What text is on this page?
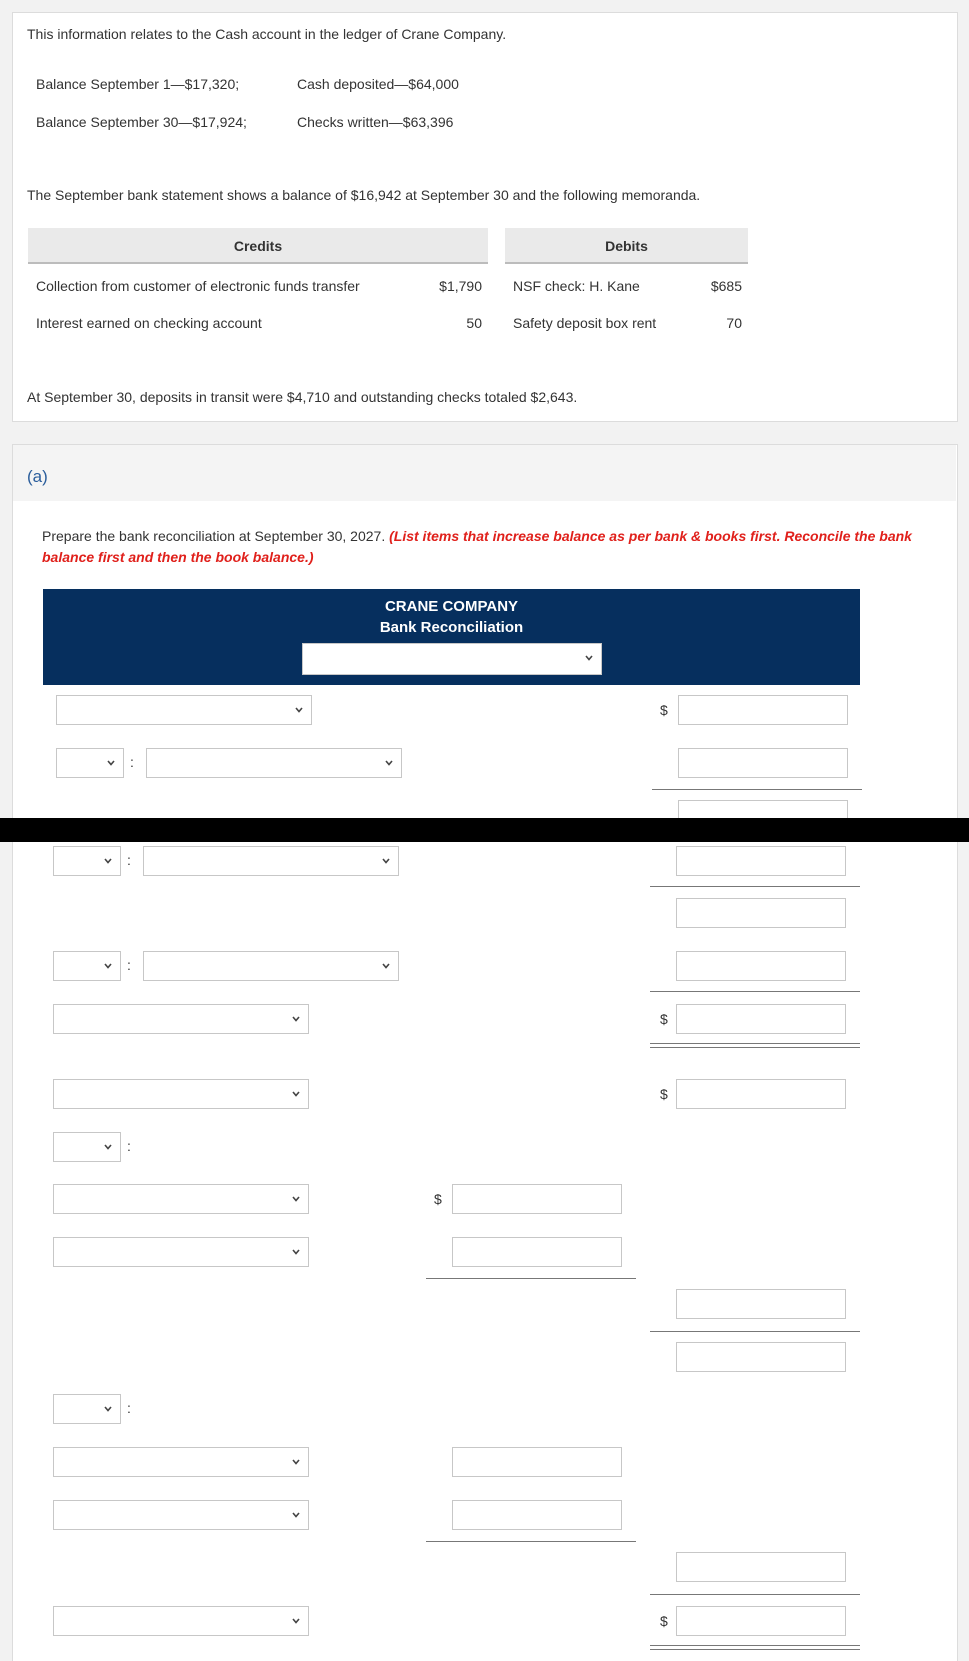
This information relates to the Cash account in the ledger of Crane Company.
Balance September 1—$17,320;	Cash deposited—$64,000
Balance September 30—$17,924;	Checks written—$63,396
The September bank statement shows a balance of $16,942 at September 30 and the following memoranda.
Credits	Debits
Collection from customer of electronic funds transfer	$1,790 NSF check: H. Kane	$685
Interest earned on checking account	50 Safety deposit box rent	70
At September 30, deposits in transit were $4,710 and outstanding checks totaled $2,643.
(a)
Prepare the bank reconciliation at September 30, 2027. (List items that increase balance as per bank & books first. Reconcile the bank
balance first and then the book balance.)
CRANE COMPANY
Bank Reconciliation
$
:
:
:
$
$
:
$
:
$
